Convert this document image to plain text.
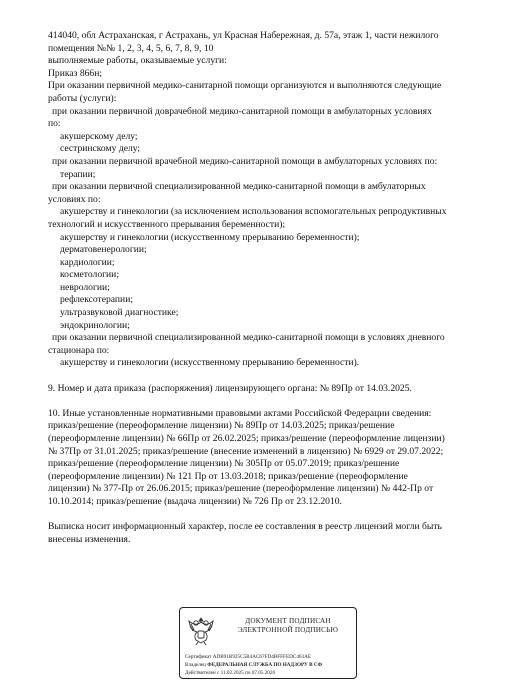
414040, обл Астраханская, г Астрахань, ул Красная Набережная, д. 57а, этаж 1, части нежилого

помещения №№ 1, 2, 3, 4, 5, 6, 7, 8, 9, 10

выполняемые работы, оказываемые услуги:

Приказ 866н;

При оказании первичной медико-санитарной помощи организуются и выполняются следующие

работы (услуги):

при оказании первичной доврачебной медико-санитарной помощи в амбулаторных условиях

по:

акушерскому делу;

сестринскому делу;

при оказании первичной врачебной медико-санитарной помощи в амбулаторных условиях по:

терапии;

при оказании первичной специализированной медико-санитарной помощи в амбулаторных

условиях по:

акушерству и гинекологии (за исключением использования вспомогательных репродуктивных

технологий и искусственного прерывания беременности);

акушерству и гинекологии (искусственному прерыванию беременности);

дерматовенерологии;

кардиологии;

косметологии;

неврологии;

рефлексотерапии;

ультразвуковой диагностике;

эндокринологии;

при оказании первичной специализированной медико-санитарной помощи в условиях дневного

стационара по:

акушерству и гинекологии (искусственному прерыванию беременности).

9. Номер и дата приказа (распоряжения) лицензирующего органа: № 89Пр от 14.03.2025.

10. Иные установленные нормативными правовыми актами Российской Федерации сведения:

приказ/решение (переоформление лицензии) № 89Пр от 14.03.2025; приказ/решение

(переоформление лицензии) № 66Пр от 26.02.2025; приказ/решение (переоформление лицензии)

№ 37Пр от 31.01.2025; приказ/решение (внесение изменений в лицензию) № 6929 от 29.07.2022;

приказ/решение (переоформление лицензии) № 305Пр от 05.07.2019; приказ/решение

(переоформление лицензии) № 121 Пр от 13.03.2018; приказ/решение (переоформление

лицензии) № 377-Пр от 26.06.2015; приказ/решение (переоформление лицензии) № 442-Пр от

10.10.2014; приказ/решение (выдача лицензии) № 726 Пр от 23.12.2010.

Выписка носит информационный характер, после ее составления в реестр лицензий могли быть

внесены изменения.

ДОКУМЕНТ ПОДПИСАН
ЭЛЕКТРОННОЙ ПОДПИСЬЮ
Сертификат ADB91B925C5B4AC67FD4BFFFEDC463AE
Владелец ФЕДЕРАЛЬНАЯ СЛУЖБА ПО НАДЗОРУ В СФ
Действителен с 11.02.2025 по 07.05.2026
